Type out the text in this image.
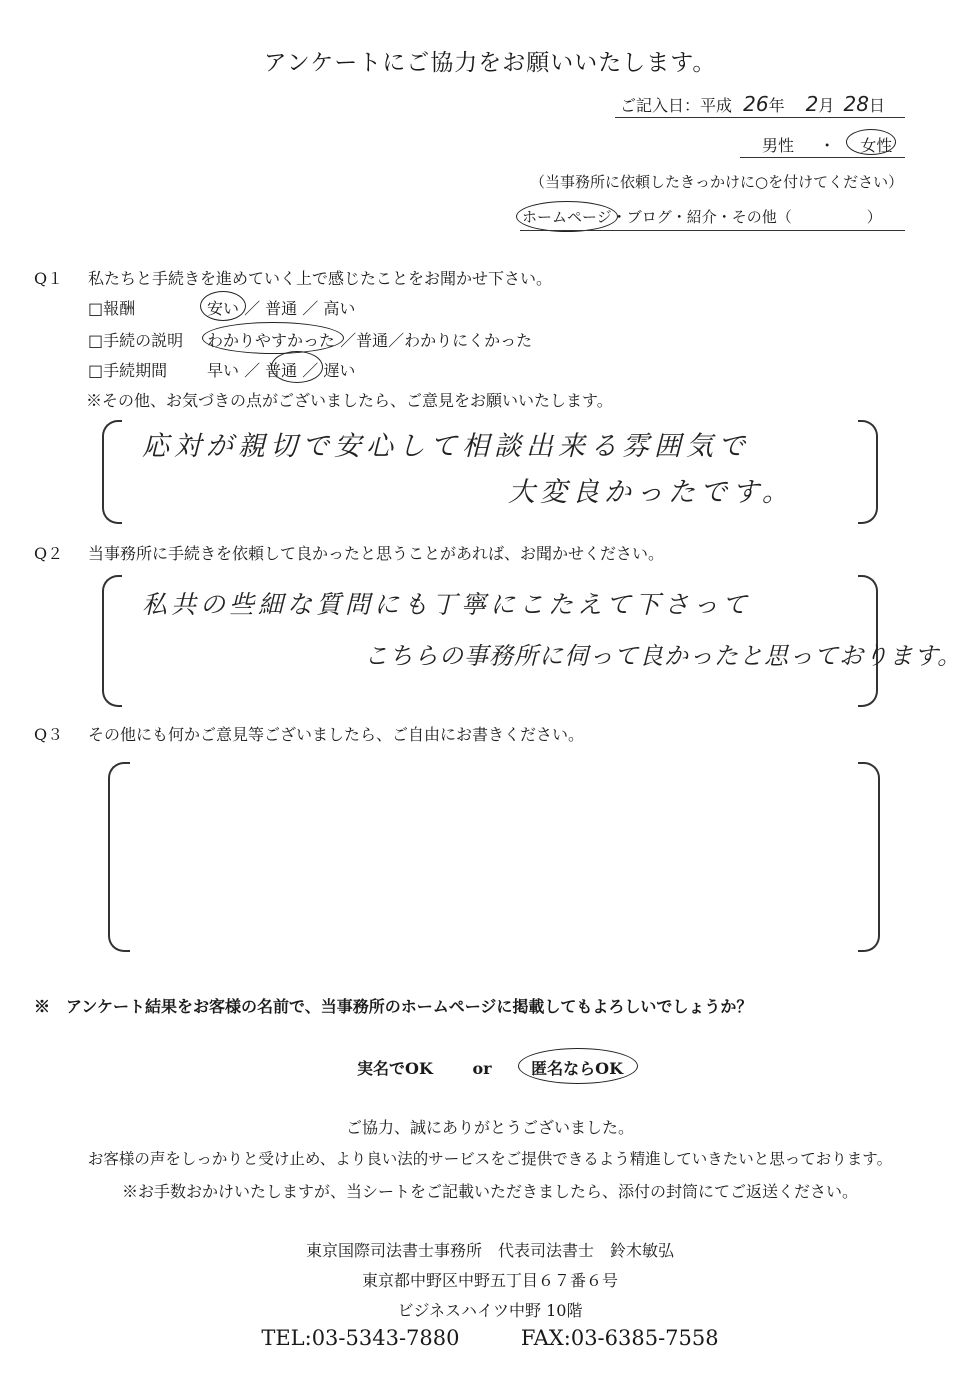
アンケートにご協力をお願いいたします。
ご記入日：平成 26年 2月 28日
男性 ・ 女性
（当事務所に依頼したきっかけに○を付けてください）
ホームページ・ブログ・紹介・その他（　　　　　）
Q１ 私たちと手続きを進めていく上で感じたことをお聞かせ下さい。
□報酬	安い ／ 普通 ／ 高い
□手続の説明 わかりやすかった ／普通／わかりにくかった
□手続期間 早い ／ 普通 ／ 遅い
※その他、お気づきの点がございましたら、ご意見をお願いいたします。
応対が親切で安心して相談出来る雰囲気で
大変良かったです。
Q２ 当事務所に手続きを依頼して良かったと思うことがあれば、お聞かせください。
私共の些細な質問にも丁寧にこたえて下さって
こちらの事務所に伺って良かったと思っております。
Q３ その他にも何かご意見等ございましたら、ご自由にお書きください。
※　アンケート結果をお客様の名前で、当事務所のホームページに掲載してもよろしいでしょうか？
実名でOK or 匿名ならOK
ご協力、誠にありがとうございました。
お客様の声をしっかりと受け止め、より良い法的サービスをご提供できるよう精進していきたいと思っております。
※お手数おかけいたしますが、当シートをご記載いただきましたら、添付の封筒にてご返送ください。
東京国際司法書士事務所　代表司法書士　鈴木敏弘
東京都中野区中野五丁目６７番６号
ビジネスハイツ中野 10階
TEL:03-5343-7880	FAX:03-6385-7558
